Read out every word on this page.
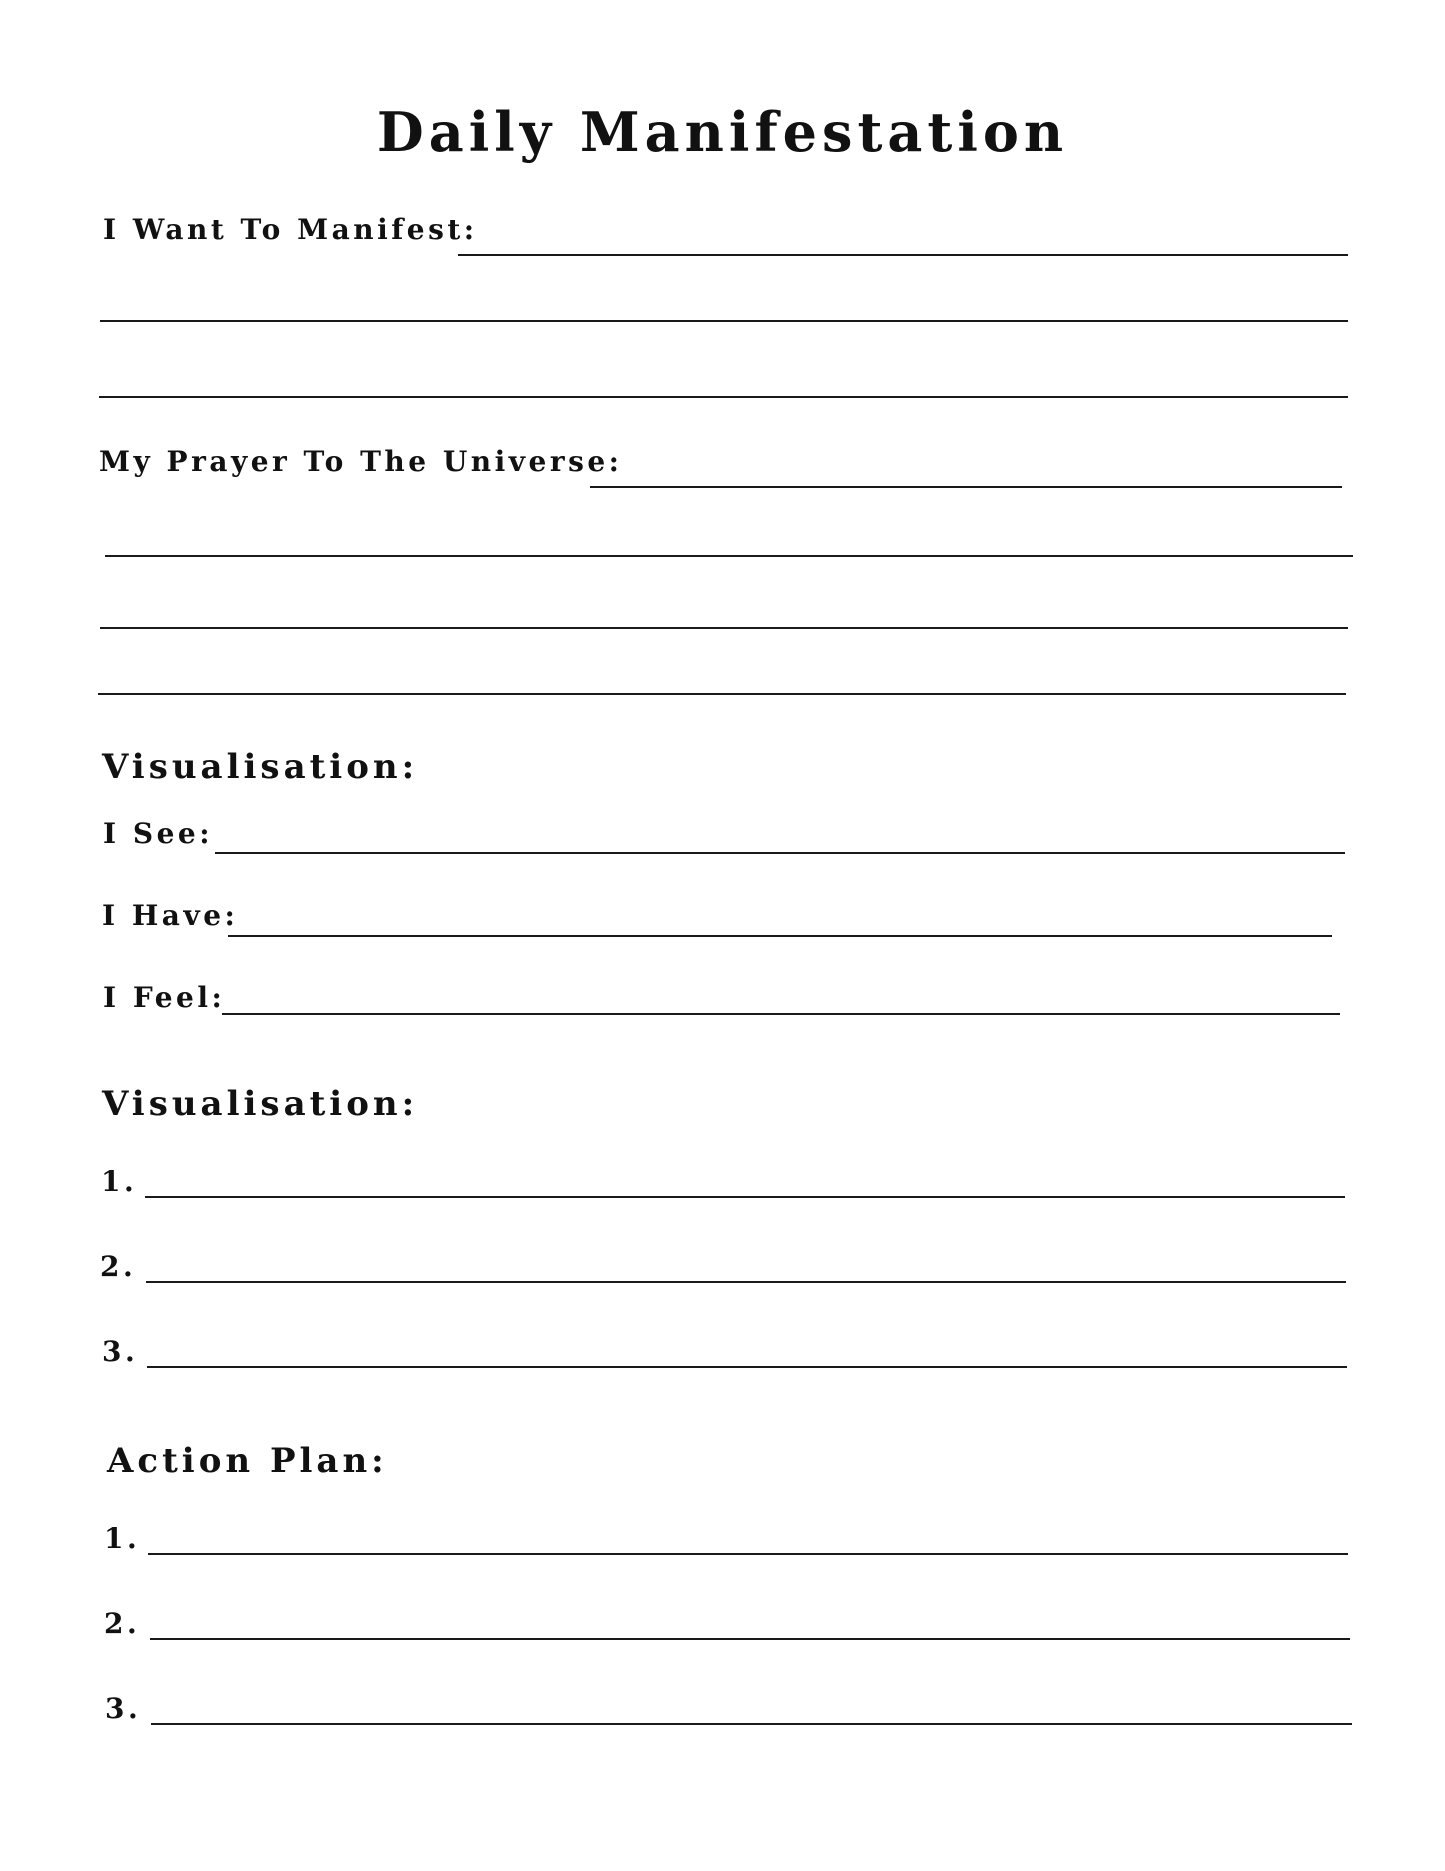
Daily Manifestation
I Want To Manifest:
My Prayer To The Universe:
Visualisation:
I See:
I Have:
I Feel:
Visualisation:
1.
2.
3.
Action Plan:
1.
2.
3.
